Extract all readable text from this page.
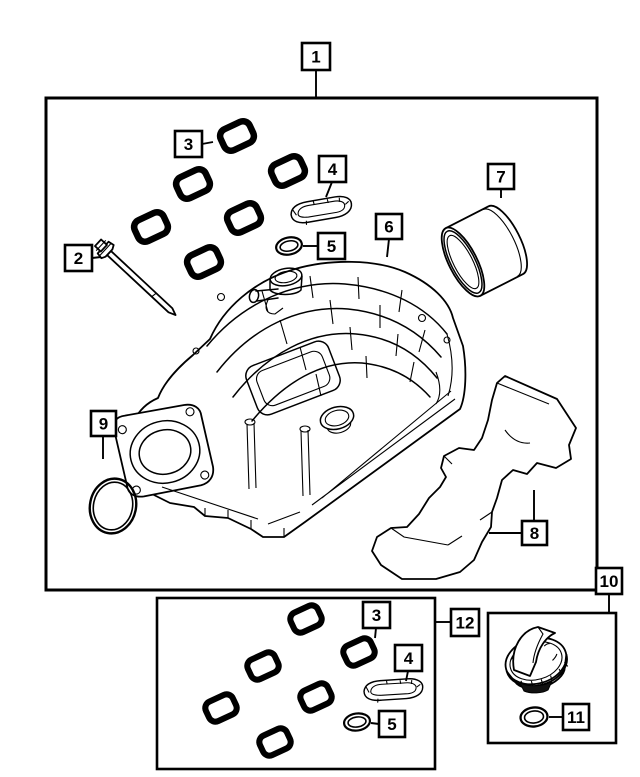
1
2
3
4
5
6
7
8
9
10
11
12
3
4
5
